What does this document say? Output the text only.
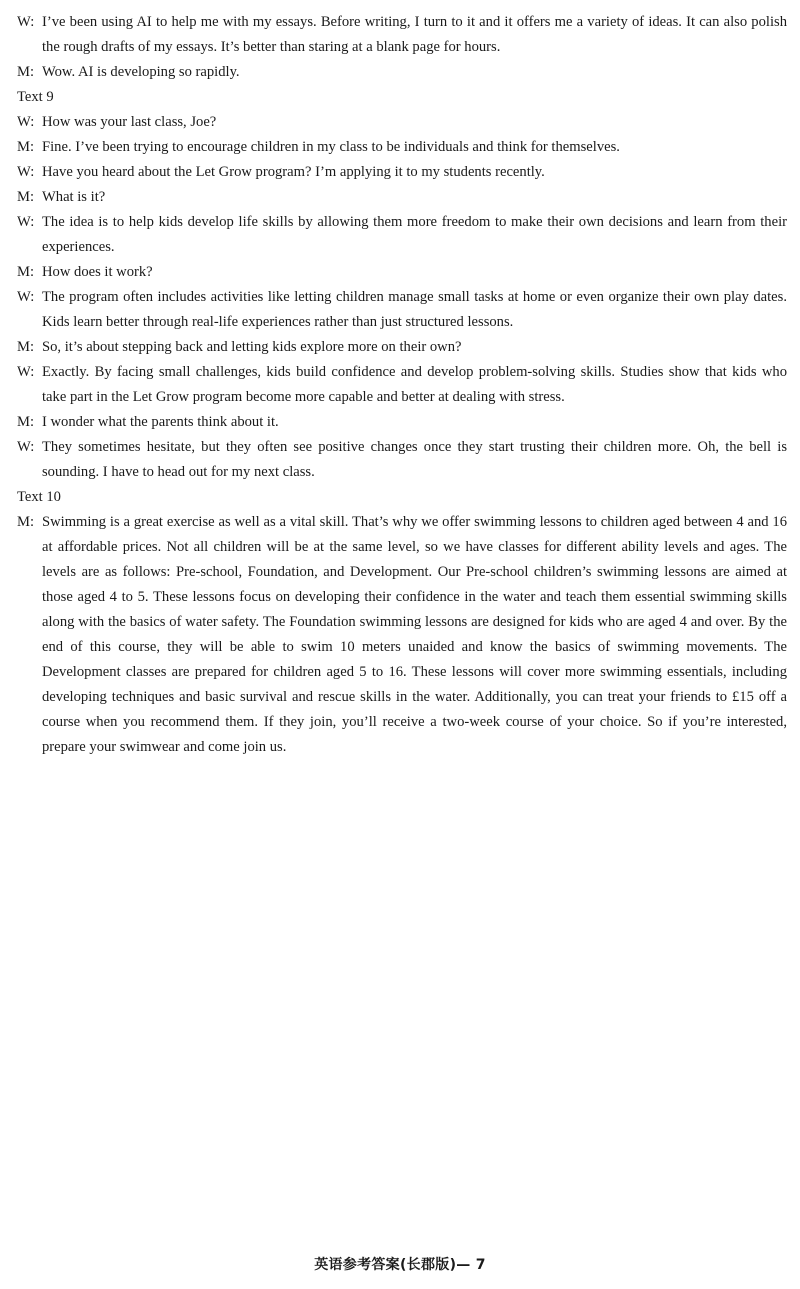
W: I’ve been using AI to help me with my essays. Before writing, I turn to it and it offers me a variety of ideas. It can also polish the rough drafts of my essays. It’s better than staring at a blank page for hours.
M: Wow. AI is developing so rapidly.
Text 9
W: How was your last class, Joe?
M: Fine. I’ve been trying to encourage children in my class to be individuals and think for themselves.
W: Have you heard about the Let Grow program? I’m applying it to my students recently.
M: What is it?
W: The idea is to help kids develop life skills by allowing them more freedom to make their own decisions and learn from their experiences.
M: How does it work?
W: The program often includes activities like letting children manage small tasks at home or even organize their own play dates. Kids learn better through real-life experiences rather than just structured lessons.
M: So, it’s about stepping back and letting kids explore more on their own?
W: Exactly. By facing small challenges, kids build confidence and develop problem-solving skills. Studies show that kids who take part in the Let Grow program become more capable and better at dealing with stress.
M: I wonder what the parents think about it.
W: They sometimes hesitate, but they often see positive changes once they start trusting their children more. Oh, the bell is sounding. I have to head out for my next class.
Text 10
M: Swimming is a great exercise as well as a vital skill. That’s why we offer swimming lessons to children aged between 4 and 16 at affordable prices. Not all children will be at the same level, so we have classes for different ability levels and ages. The levels are as follows: Pre-school, Foundation, and Development. Our Pre-school children’s swimming lessons are aimed at those aged 4 to 5. These lessons focus on developing their confidence in the water and teach them essential swimming skills along with the basics of water safety. The Foundation swimming lessons are designed for kids who are aged 4 and over. By the end of this course, they will be able to swim 10 meters unaided and know the basics of swimming movements. The Development classes are prepared for children aged 5 to 16. These lessons will cover more swimming essentials, including developing techniques and basic survival and rescue skills in the water. Additionally, you can treat your friends to £15 off a course when you recommend them. If they join, you’ll receive a two-week course of your choice. So if you’re interested, prepare your swimwear and come join us.
英语参考答案(长郡版)— 7
